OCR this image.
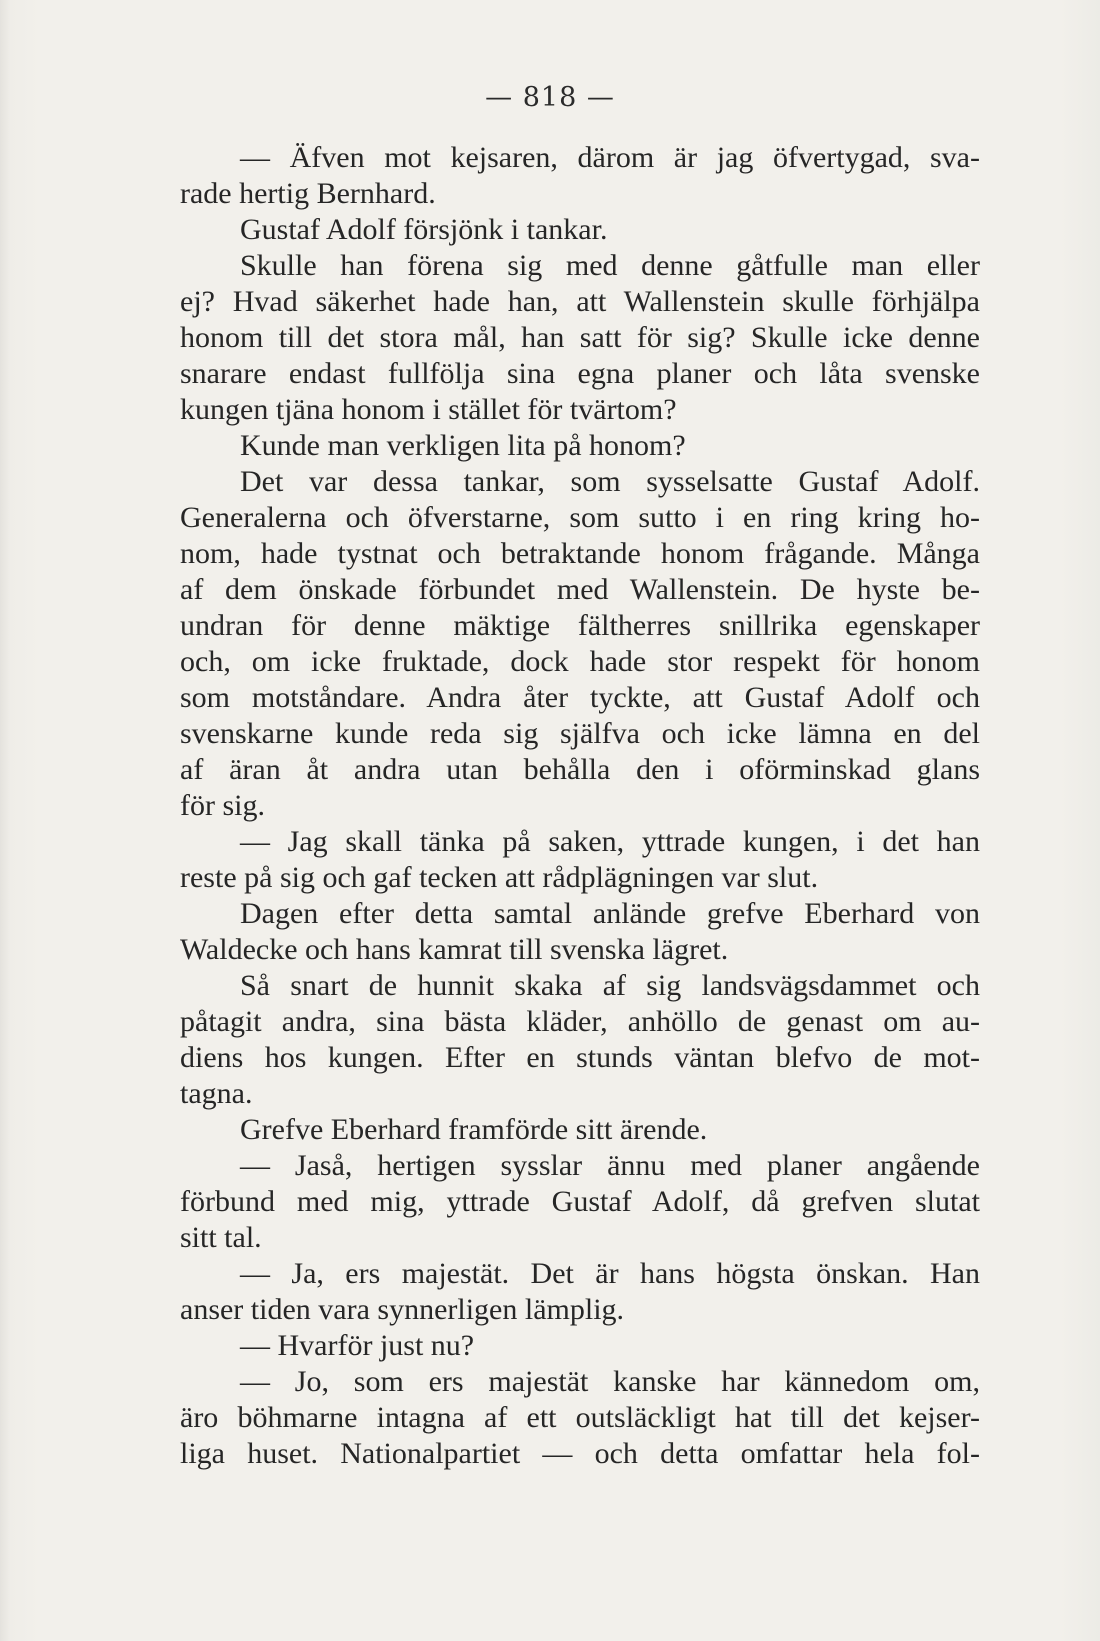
— 818 —
— Äfven mot kejsaren, därom är jag öfvertygad, sva-
rade hertig Bernhard.
Gustaf Adolf försjönk i tankar.
Skulle han förena sig med denne gåtfulle man eller
ej? Hvad säkerhet hade han, att Wallenstein skulle förhjälpa
honom till det stora mål, han satt för sig? Skulle icke denne
snarare endast fullfölja sina egna planer och låta svenske
kungen tjäna honom i stället för tvärtom?
Kunde man verkligen lita på honom?
Det var dessa tankar, som sysselsatte Gustaf Adolf.
Generalerna och öfverstarne, som sutto i en ring kring ho-
nom, hade tystnat och betraktande honom frågande. Många
af dem önskade förbundet med Wallenstein. De hyste be-
undran för denne mäktige fältherres snillrika egenskaper
och, om icke fruktade, dock hade stor respekt för honom
som motståndare. Andra åter tyckte, att Gustaf Adolf och
svenskarne kunde reda sig själfva och icke lämna en del
af äran åt andra utan behålla den i oförminskad glans
för sig.
— Jag skall tänka på saken, yttrade kungen, i det han
reste på sig och gaf tecken att rådplägningen var slut.
Dagen efter detta samtal anlände grefve Eberhard von
Waldecke och hans kamrat till svenska lägret.
Så snart de hunnit skaka af sig landsvägsdammet och
påtagit andra, sina bästa kläder, anhöllo de genast om au-
diens hos kungen. Efter en stunds väntan blefvo de mot-
tagna.
Grefve Eberhard framförde sitt ärende.
— Jaså, hertigen sysslar ännu med planer angående
förbund med mig, yttrade Gustaf Adolf, då grefven slutat
sitt tal.
— Ja, ers majestät. Det är hans högsta önskan. Han
anser tiden vara synnerligen lämplig.
— Hvarför just nu?
— Jo, som ers majestät kanske har kännedom om,
äro böhmarne intagna af ett outsläckligt hat till det kejser-
liga huset. Nationalpartiet — och detta omfattar hela fol-
